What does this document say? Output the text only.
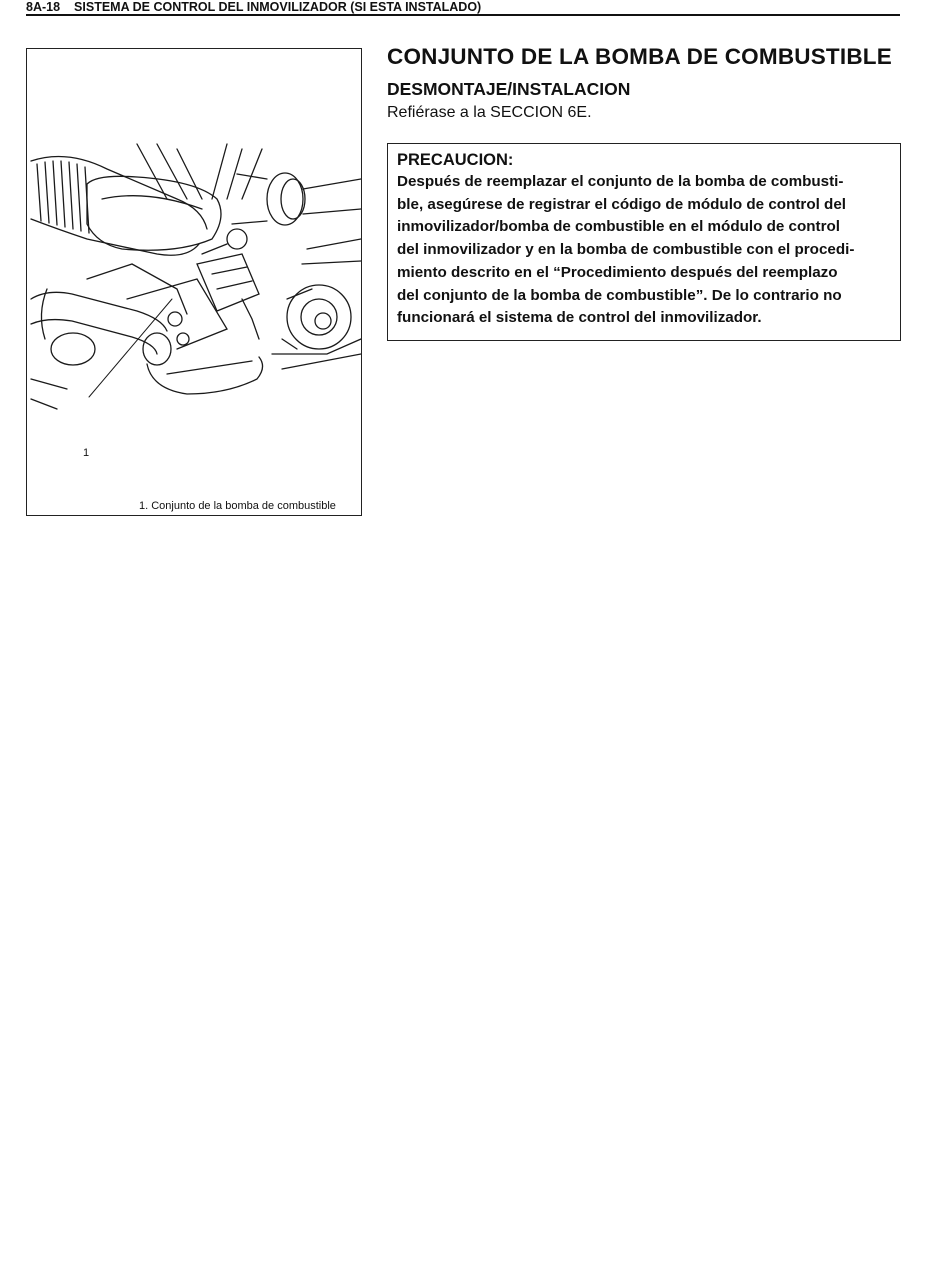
8A-18 SISTEMA DE CONTROL DEL INMOVILIZADOR (SI ESTA INSTALADO)
1
1. Conjunto de la bomba de combustible
CONJUNTO DE LA BOMBA DE COMBUSTIBLE
DESMONTAJE/INSTALACION
Refiérase a la SECCION 6E.
PRECAUCION:
Después de reemplazar el conjunto de la bomba de combusti-
ble, asegúrese de registrar el código de módulo de control del
inmovilizador/bomba de combustible en el módulo de control
del inmovilizador y en la bomba de combustible con el procedi-
miento descrito en el “Procedimiento después del reemplazo
del conjunto de la bomba de combustible”. De lo contrario no
funcionará el sistema de control del inmovilizador.
